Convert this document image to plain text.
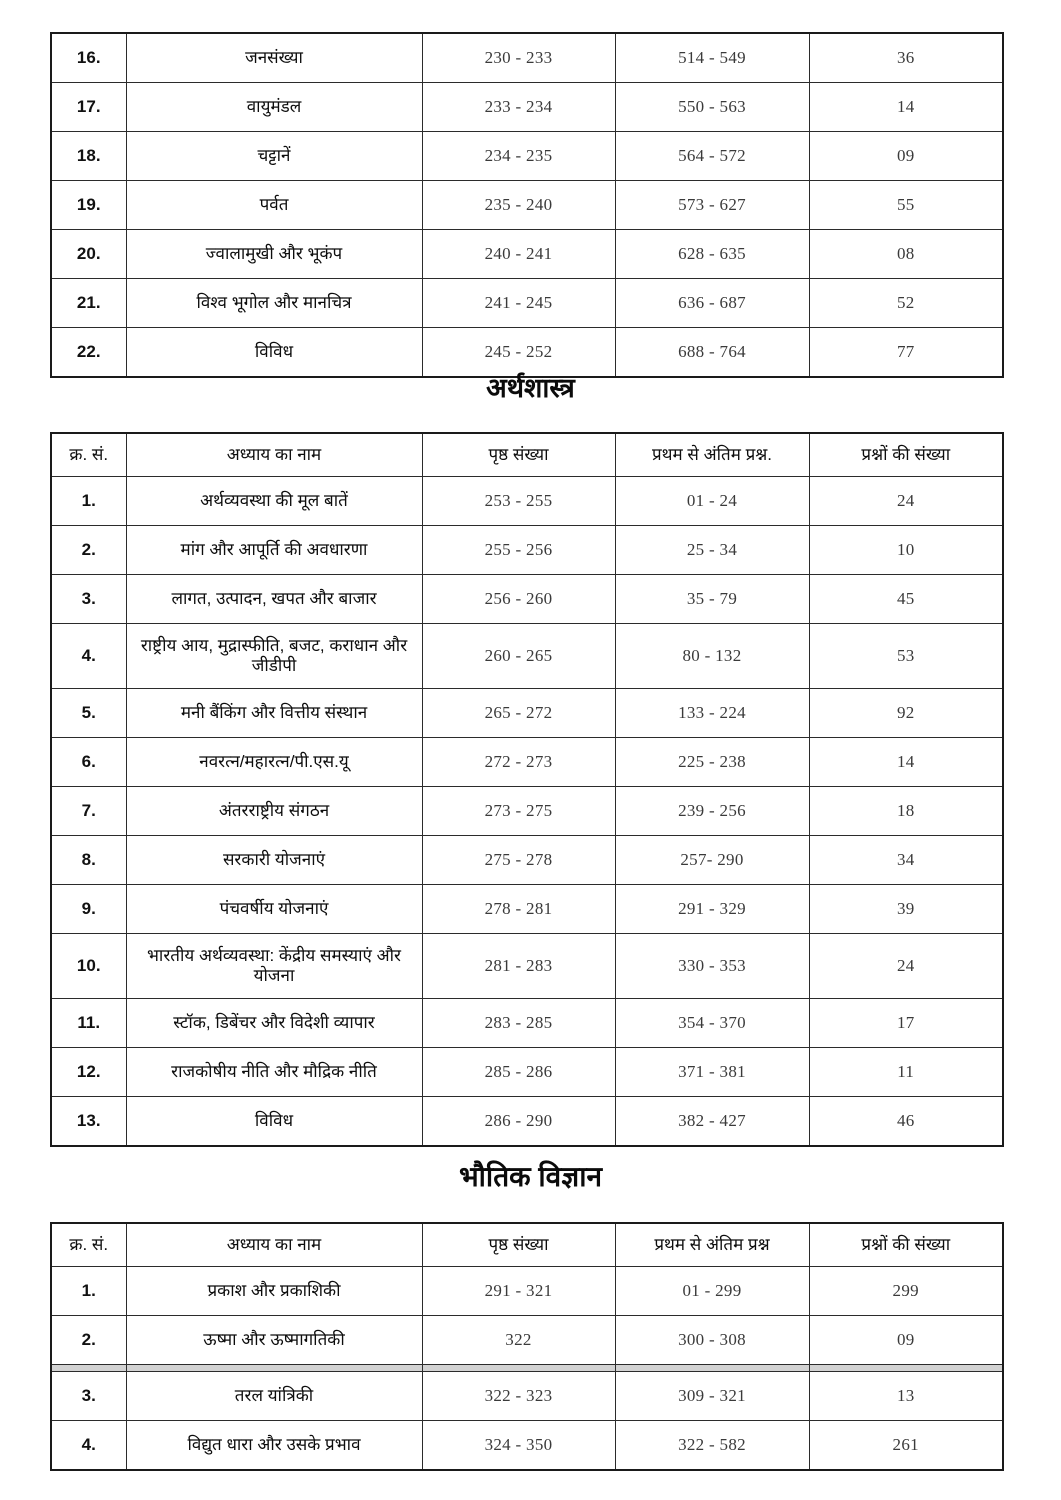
16.	जनसंख्या	230 - 233	514 - 549	36
17.	वायुमंडल	233 - 234	550 - 563	14
18.	चट्टानें	234 - 235	564 - 572	09
19.	पर्वत	235 - 240	573 - 627	55
20.	ज्वालामुखी और भूकंप	240 - 241	628 - 635	08
21.	विश्व भूगोल और मानचित्र	241 - 245	636 - 687	52
22.	विविध	245 - 252	688 - 764	77
अर्थशास्त्र
क्र. सं.	अध्याय का नाम	पृष्ठ संख्या	प्रथम से अंतिम प्रश्न.	प्रश्नों की संख्या
1.	अर्थव्यवस्था की मूल बातें	253 - 255	01 - 24	24
2.	मांग और आपूर्ति की अवधारणा	255 - 256	25 - 34	10
3.	लागत, उत्पादन, खपत और बाजार	256 - 260	35 - 79	45
4.	राष्ट्रीय आय, मुद्रास्फीति, बजट, कराधान और जीडीपी	260 - 265	80 - 132	53
5.	मनी बैंकिंग और वित्तीय संस्थान	265 - 272	133 - 224	92
6.	नवरत्न/महारत्न/पी.एस.यू	272 - 273	225 - 238	14
7.	अंतरराष्ट्रीय संगठन	273 - 275	239 - 256	18
8.	सरकारी योजनाएं	275 - 278	257- 290	34
9.	पंचवर्षीय योजनाएं	278 - 281	291 - 329	39
10.	भारतीय अर्थव्यवस्था: केंद्रीय समस्याएं और योजना	281 - 283	330 - 353	24
11.	स्टॉक, डिबेंचर और विदेशी व्यापार	283 - 285	354 - 370	17
12.	राजकोषीय नीति और मौद्रिक नीति	285 - 286	371 - 381	11
13.	विविध	286 - 290	382 - 427	46
भौतिक विज्ञान
क्र. सं.	अध्याय का नाम	पृष्ठ संख्या	प्रथम से अंतिम प्रश्न	प्रश्नों की संख्या
1.	प्रकाश और प्रकाशिकी	291 - 321	01 - 299	299
2.	ऊष्मा और ऊष्मागतिकी	322	300 - 308	09

3.	तरल यांत्रिकी	322 - 323	309 - 321	13
4.	विद्युत धारा और उसके प्रभाव	324 - 350	322 - 582	261
